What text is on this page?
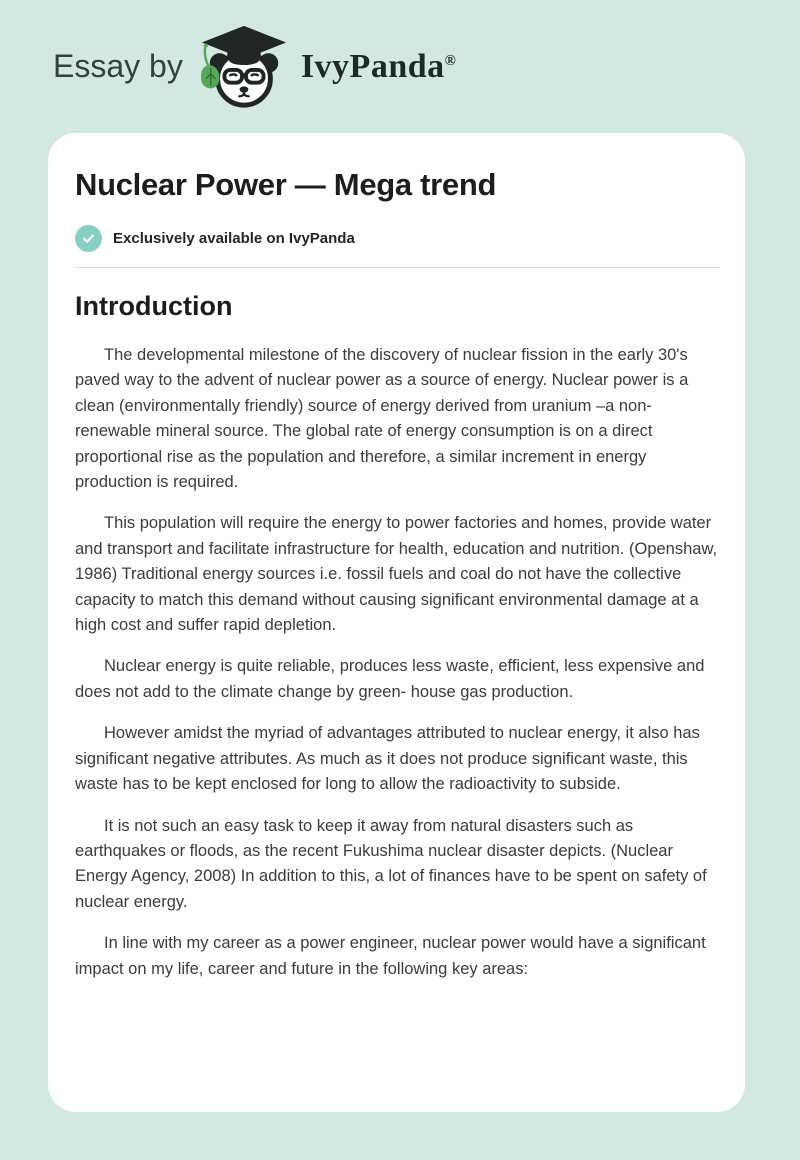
Essay by	IvyPanda®
Nuclear Power — Mega trend
Exclusively available on IvyPanda
Introduction

The developmental milestone of the discovery of nuclear fission in the early 30's paved way to the advent of nuclear power as a source of energy. Nuclear power is a clean (environmentally friendly) source of energy derived from uranium –a non-renewable mineral source. The global rate of energy consumption is on a direct proportional rise as the population and therefore, a similar increment in energy production is required.

This population will require the energy to power factories and homes, provide water and transport and facilitate infrastructure for health, education and nutrition. (Openshaw, 1986) Traditional energy sources i.e. fossil fuels and coal do not have the collective capacity to match this demand without causing significant environmental damage at a high cost and suffer rapid depletion.

Nuclear energy is quite reliable, produces less waste, efficient, less expensive and does not add to the climate change by green- house gas production.

However amidst the myriad of advantages attributed to nuclear energy, it also has significant negative attributes. As much as it does not produce significant waste, this waste has to be kept enclosed for long to allow the radioactivity to subside.

It is not such an easy task to keep it away from natural disasters such as earthquakes or floods, as the recent Fukushima nuclear disaster depicts. (Nuclear Energy Agency, 2008) In addition to this, a lot of finances have to be spent on safety of nuclear energy.

In line with my career as a power engineer, nuclear power would have a significant impact on my life, career and future in the following key areas:
